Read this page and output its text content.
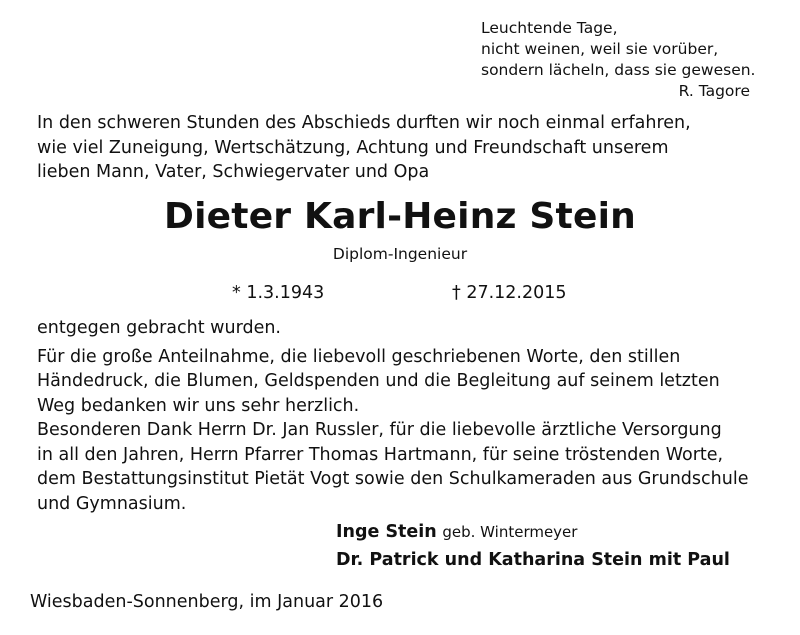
Leuchtende Tage,
nicht weinen, weil sie vorüber,
sondern lächeln, dass sie gewesen.
R. Tagore
In den schweren Stunden des Abschieds durften wir noch einmal erfahren,
wie viel Zuneigung, Wertschätzung, Achtung und Freundschaft unserem
lieben Mann, Vater, Schwiegervater und Opa
Dieter Karl-Heinz Stein
Diplom-Ingenieur
* 1.3.1943	† 27.12.2015
entgegen gebracht wurden.
Für die große Anteilnahme, die liebevoll geschriebenen Worte, den stillen
Händedruck, die Blumen, Geldspenden und die Begleitung auf seinem letzten
Weg bedanken wir uns sehr herzlich.
Besonderen Dank Herrn Dr. Jan Russler, für die liebevolle ärztliche Versorgung
in all den Jahren, Herrn Pfarrer Thomas Hartmann, für seine tröstenden Worte,
dem Bestattungsinstitut Pietät Vogt sowie den Schulkameraden aus Grundschule
und Gymnasium.
Inge Stein geb. Wintermeyer
Dr. Patrick und Katharina Stein mit Paul
Wiesbaden-Sonnenberg, im Januar 2016
